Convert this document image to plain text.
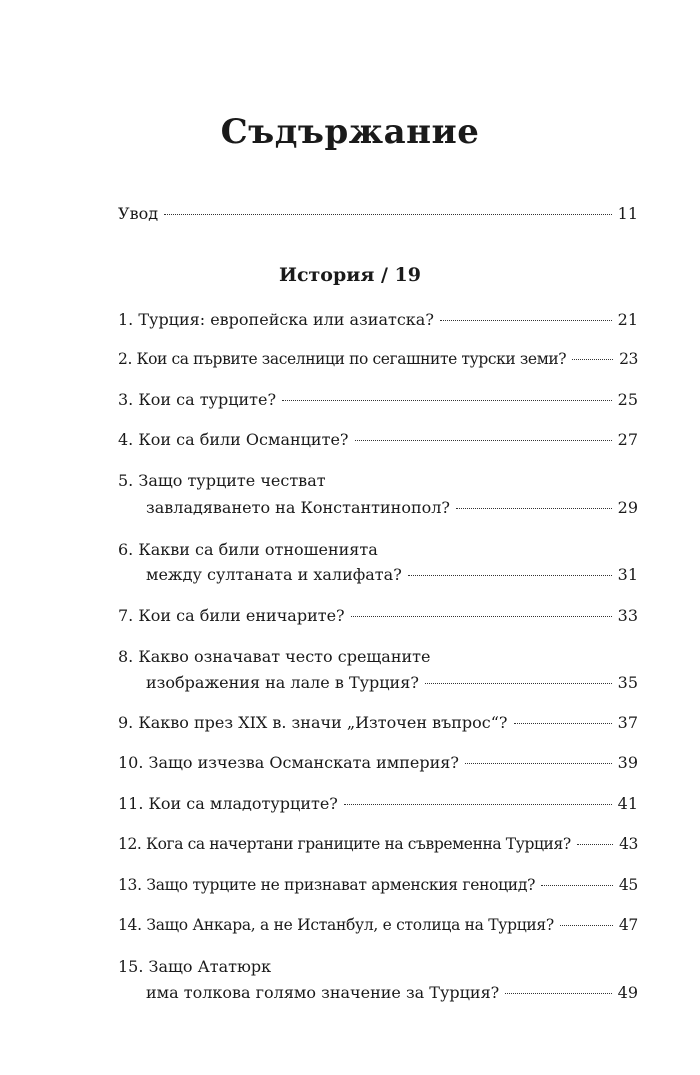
Съдържание
Увод	11
История / 19
1. Турция: европейска или азиатска?	21
2. Кои са първите заселници по сегашните турски земи?	23
3. Кои са турците?	25
4. Кои са били Османците?	27
5. Защо турците честват
завладяването на Константинопол?	29
6. Какви са били отношенията
между султаната и халифата?	31
7. Кои са били еничарите?	33
8. Какво означават често срещаните
изображения на лале в Турция?	35
9. Какво през XIX в. значи „Източен въпрос“?	37
10. Защо изчезва Османската империя?	39
11. Кои са младотурците?	41
12. Кога са начертани границите на съвременна Турция?	43
13. Защо турците не признават арменския геноцид?	45
14. Защо Анкара, а не Истанбул, е столица на Турция?	47
15. Защо Ататюрк
има толкова голямо значение за Турция?	49
